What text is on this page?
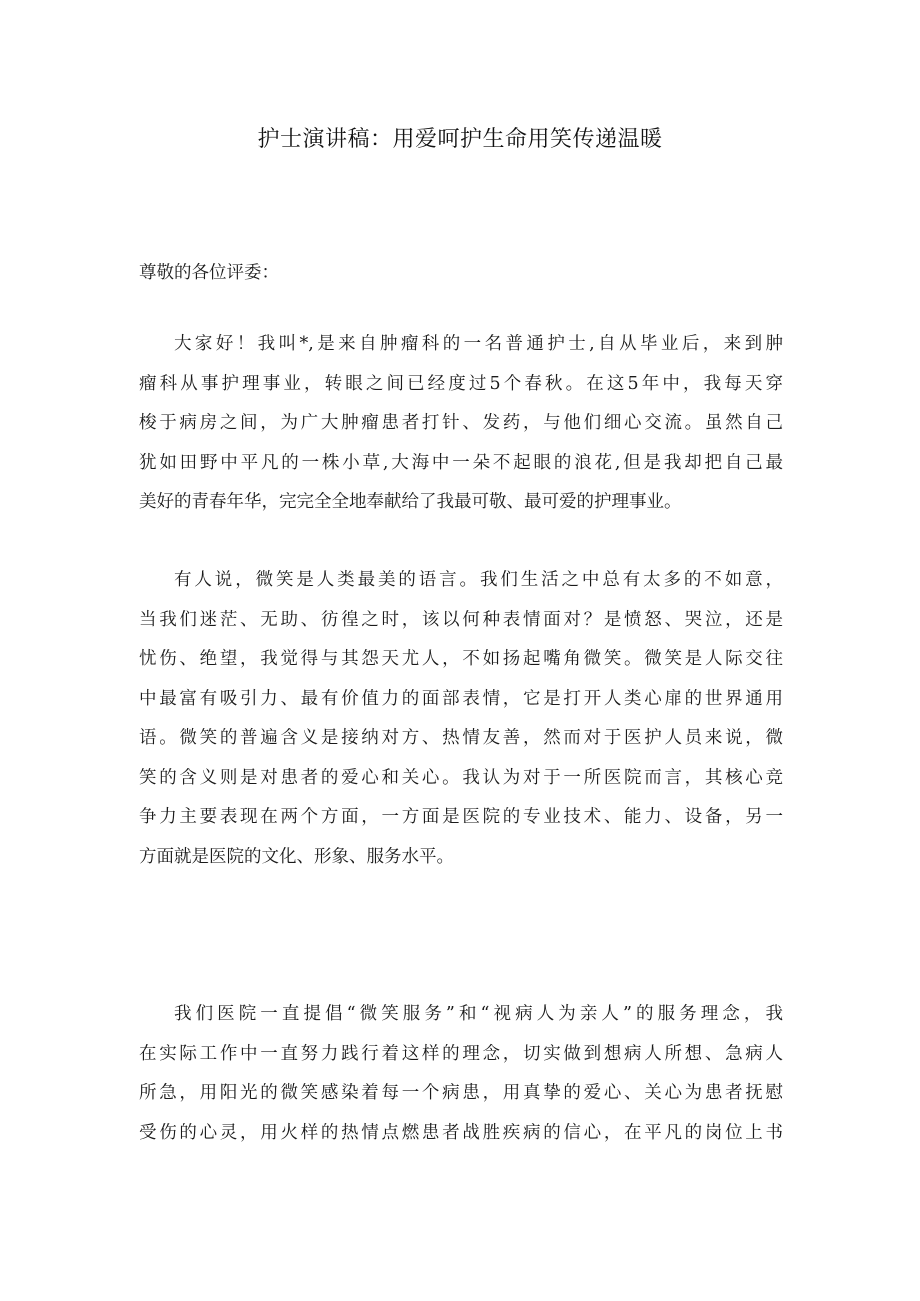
护士演讲稿：用爱呵护生命用笑传递温暖
尊敬的各位评委：
大家好！我叫*,是来自肿瘤科的一名普通护士,自从毕业后，来到肿
瘤科从事护理事业，转眼之间已经度过5个春秋。在这5年中，我每天穿
梭于病房之间，为广大肿瘤患者打针、发药，与他们细心交流。虽然自己
犹如田野中平凡的一株小草,大海中一朵不起眼的浪花,但是我却把自己最
美好的青春年华，完完全全地奉献给了我最可敬、最可爱的护理事业。
有人说，微笑是人类最美的语言。我们生活之中总有太多的不如意，
当我们迷茫、无助、彷徨之时，该以何种表情面对？是愤怒、哭泣，还是
忧伤、绝望，我觉得与其怨天尤人，不如扬起嘴角微笑。微笑是人际交往
中最富有吸引力、最有价值力的面部表情，它是打开人类心扉的世界通用
语。微笑的普遍含义是接纳对方、热情友善，然而对于医护人员来说，微
笑的含义则是对患者的爱心和关心。我认为对于一所医院而言，其核心竞
争力主要表现在两个方面，一方面是医院的专业技术、能力、设备，另一
方面就是医院的文化、形象、服务水平。
我们医院一直提倡“微笑服务”和“视病人为亲人”的服务理念，我
在实际工作中一直努力践行着这样的理念，切实做到想病人所想、急病人
所急，用阳光的微笑感染着每一个病患，用真挚的爱心、关心为患者抚慰
受伤的心灵，用火样的热情点燃患者战胜疾病的信心，在平凡的岗位上书
